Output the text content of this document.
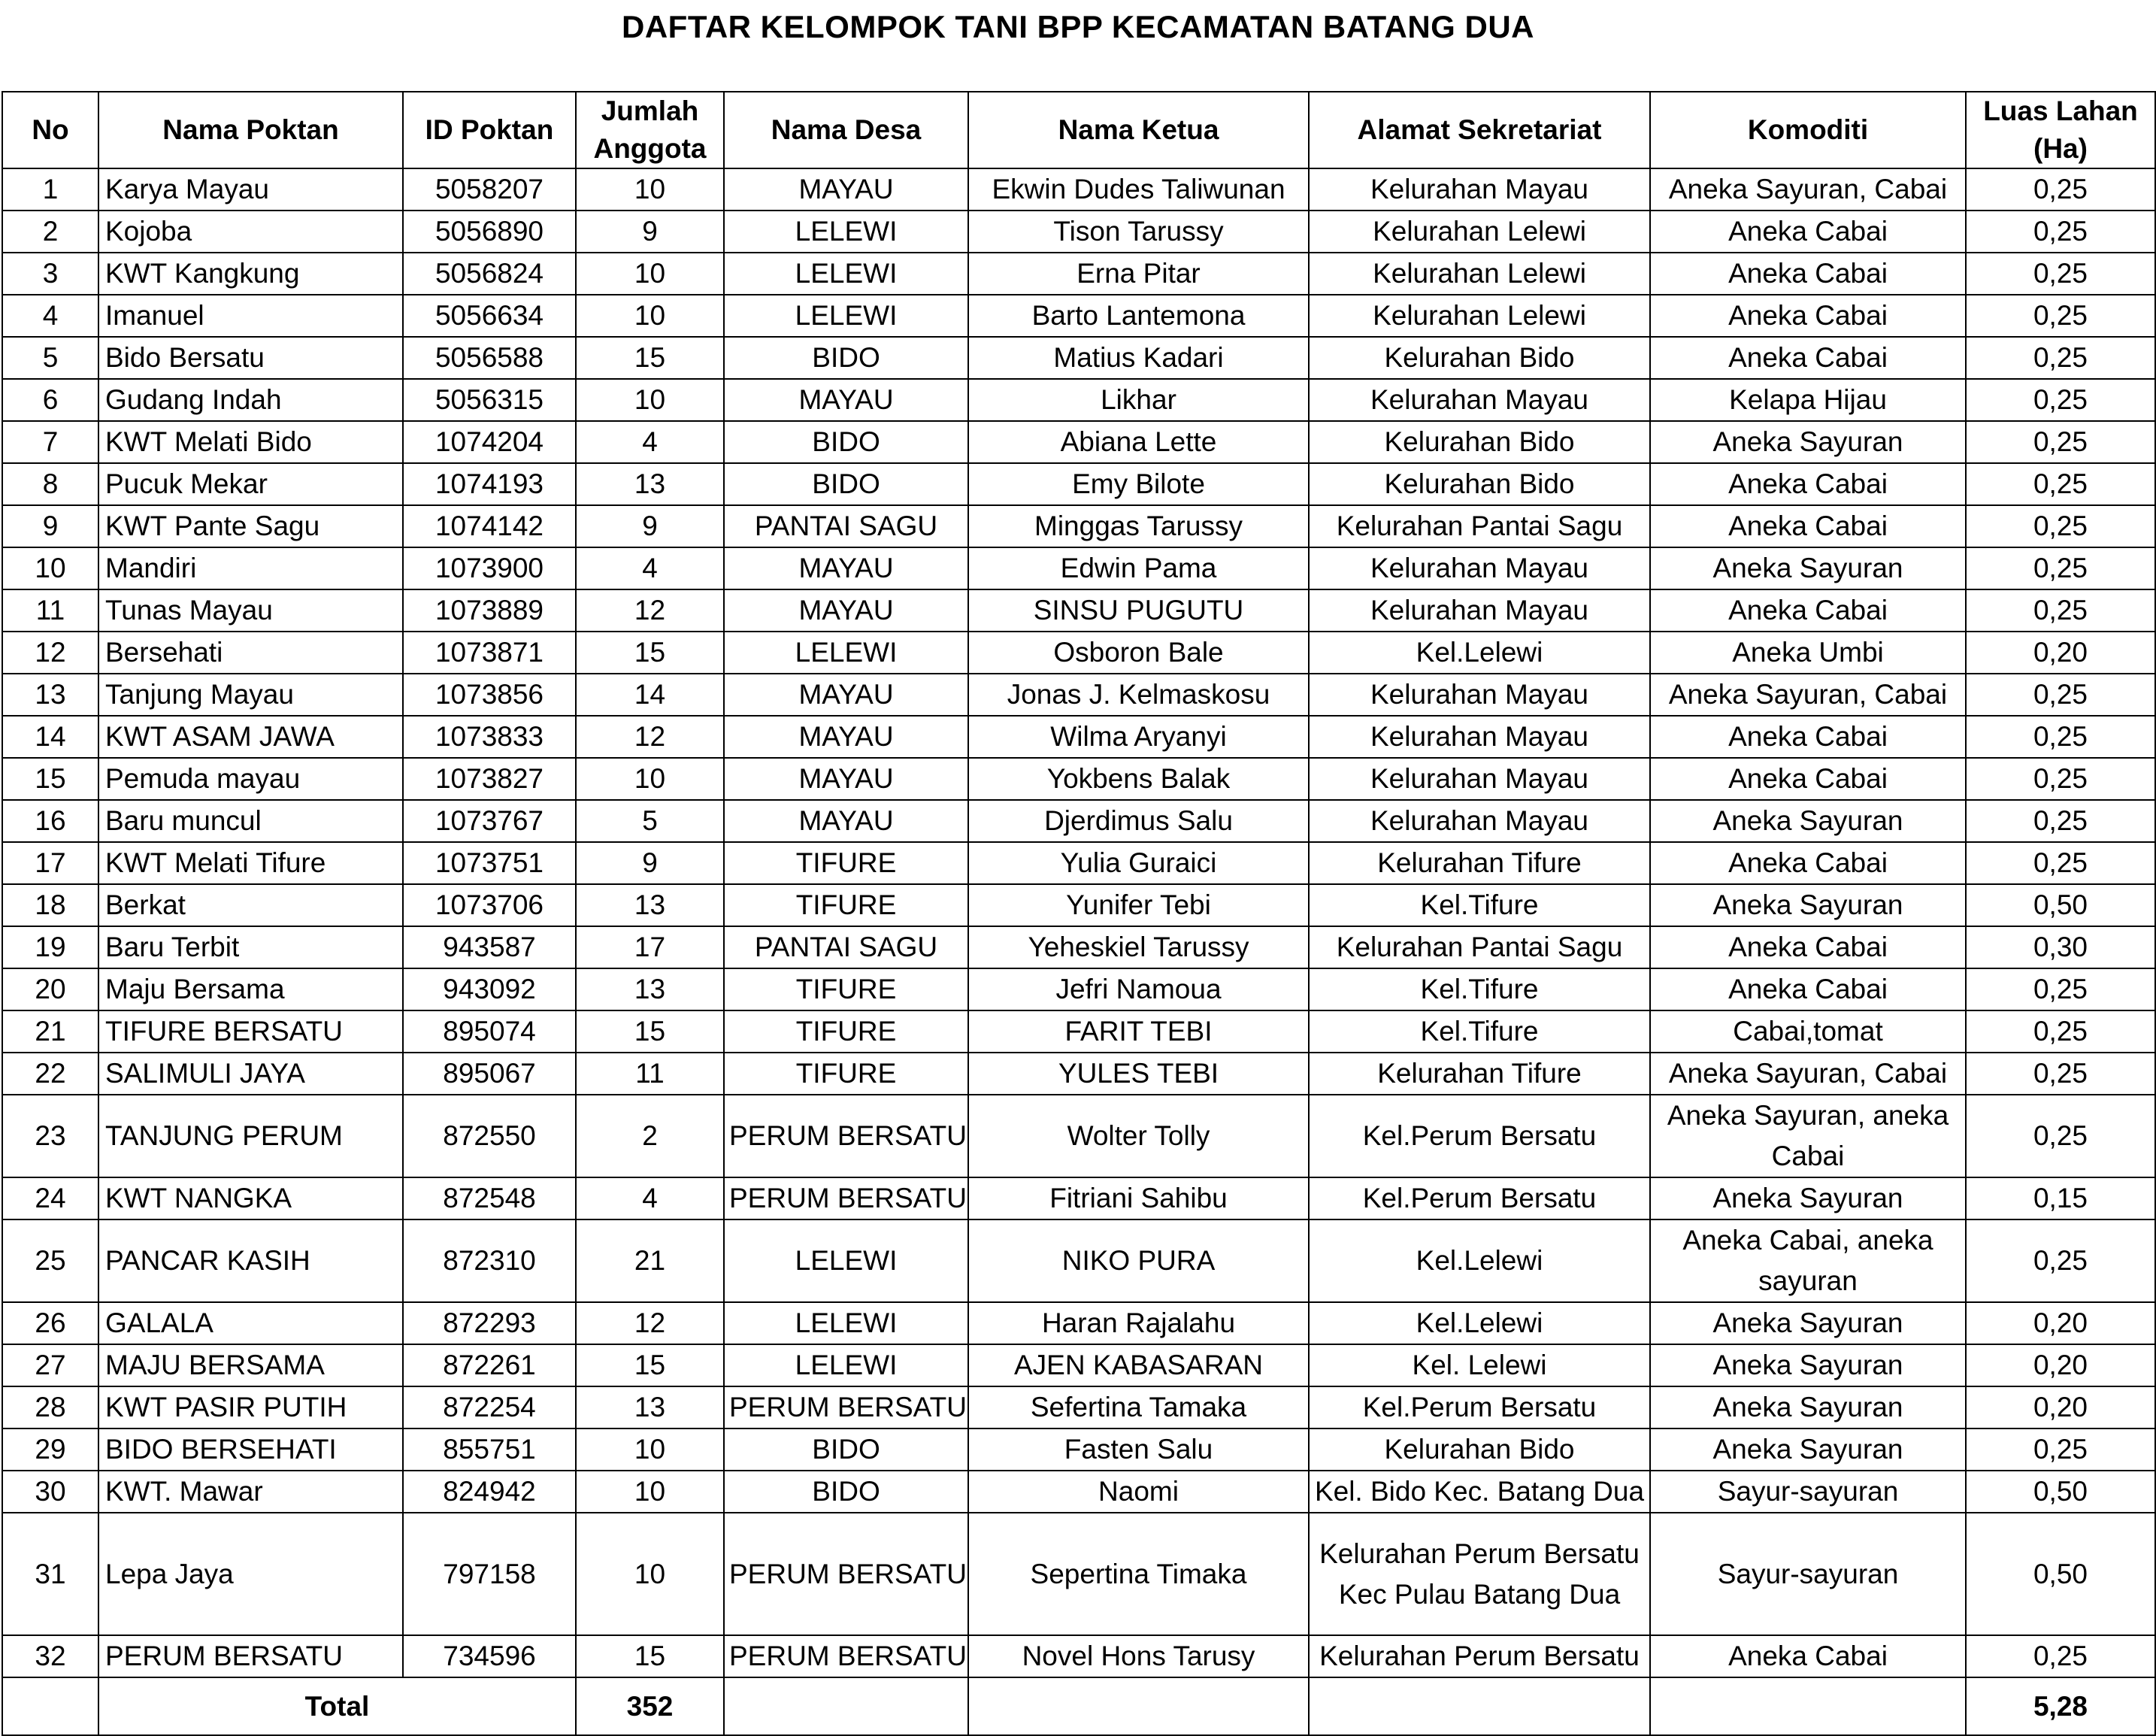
DAFTAR KELOMPOK TANI BPP KECAMATAN BATANG DUA
No	Nama Poktan	ID Poktan	Jumlah Anggota	Nama Desa	Nama Ketua	Alamat Sekretariat	Komoditi	Luas Lahan (Ha)
1	Karya Mayau	5058207	10	MAYAU	Ekwin Dudes Taliwunan	Kelurahan Mayau	Aneka Sayuran, Cabai	0,25
2	Kojoba	5056890	9	LELEWI	Tison Tarussy	Kelurahan Lelewi	Aneka Cabai	0,25
3	KWT Kangkung	5056824	10	LELEWI	Erna Pitar	Kelurahan Lelewi	Aneka Cabai	0,25
4	Imanuel	5056634	10	LELEWI	Barto Lantemona	Kelurahan Lelewi	Aneka Cabai	0,25
5	Bido Bersatu	5056588	15	BIDO	Matius Kadari	Kelurahan Bido	Aneka Cabai	0,25
6	Gudang Indah	5056315	10	MAYAU	Likhar	Kelurahan Mayau	Kelapa Hijau	0,25
7	KWT Melati Bido	1074204	4	BIDO	Abiana Lette	Kelurahan Bido	Aneka Sayuran	0,25
8	Pucuk Mekar	1074193	13	BIDO	Emy Bilote	Kelurahan Bido	Aneka Cabai	0,25
9	KWT Pante Sagu	1074142	9	PANTAI SAGU	Minggas Tarussy	Kelurahan Pantai Sagu	Aneka Cabai	0,25
10	Mandiri	1073900	4	MAYAU	Edwin Pama	Kelurahan Mayau	Aneka Sayuran	0,25
11	Tunas Mayau	1073889	12	MAYAU	SINSU PUGUTU	Kelurahan Mayau	Aneka Cabai	0,25
12	Bersehati	1073871	15	LELEWI	Osboron Bale	Kel.Lelewi	Aneka Umbi	0,20
13	Tanjung Mayau	1073856	14	MAYAU	Jonas J. Kelmaskosu	Kelurahan Mayau	Aneka Sayuran, Cabai	0,25
14	KWT ASAM JAWA	1073833	12	MAYAU	Wilma Aryanyi	Kelurahan Mayau	Aneka Cabai	0,25
15	Pemuda mayau	1073827	10	MAYAU	Yokbens Balak	Kelurahan Mayau	Aneka Cabai	0,25
16	Baru muncul	1073767	5	MAYAU	Djerdimus Salu	Kelurahan Mayau	Aneka Sayuran	0,25
17	KWT Melati Tifure	1073751	9	TIFURE	Yulia Guraici	Kelurahan Tifure	Aneka Cabai	0,25
18	Berkat	1073706	13	TIFURE	Yunifer Tebi	Kel.Tifure	Aneka Sayuran	0,50
19	Baru Terbit	943587	17	PANTAI SAGU	Yeheskiel Tarussy	Kelurahan Pantai Sagu	Aneka Cabai	0,30
20	Maju Bersama	943092	13	TIFURE	Jefri Namoua	Kel.Tifure	Aneka Cabai	0,25
21	TIFURE BERSATU	895074	15	TIFURE	FARIT TEBI	Kel.Tifure	Cabai,tomat	0,25
22	SALIMULI JAYA	895067	11	TIFURE	YULES TEBI	Kelurahan Tifure	Aneka Sayuran, Cabai	0,25
23	TANJUNG PERUM	872550	2	PERUM BERSATU	Wolter Tolly	Kel.Perum Bersatu	Aneka Sayuran, aneka Cabai	0,25
24	KWT NANGKA	872548	4	PERUM BERSATU	Fitriani Sahibu	Kel.Perum Bersatu	Aneka Sayuran	0,15
25	PANCAR KASIH	872310	21	LELEWI	NIKO PURA	Kel.Lelewi	Aneka Cabai, aneka sayuran	0,25
26	GALALA	872293	12	LELEWI	Haran Rajalahu	Kel.Lelewi	Aneka Sayuran	0,20
27	MAJU BERSAMA	872261	15	LELEWI	AJEN KABASARAN	Kel. Lelewi	Aneka Sayuran	0,20
28	KWT PASIR PUTIH	872254	13	PERUM BERSATU	Sefertina Tamaka	Kel.Perum Bersatu	Aneka Sayuran	0,20
29	BIDO BERSEHATI	855751	10	BIDO	Fasten Salu	Kelurahan Bido	Aneka Sayuran	0,25
30	KWT. Mawar	824942	10	BIDO	Naomi	Kel. Bido Kec. Batang Dua	Sayur-sayuran	0,50
31	Lepa Jaya	797158	10	PERUM BERSATU	Sepertina Timaka	Kelurahan Perum Bersatu Kec Pulau Batang Dua	Sayur-sayuran	0,50
32	PERUM BERSATU	734596	15	PERUM BERSATU	Novel Hons Tarusy	Kelurahan Perum Bersatu	Aneka Cabai	0,25
	Total		352					5,28
